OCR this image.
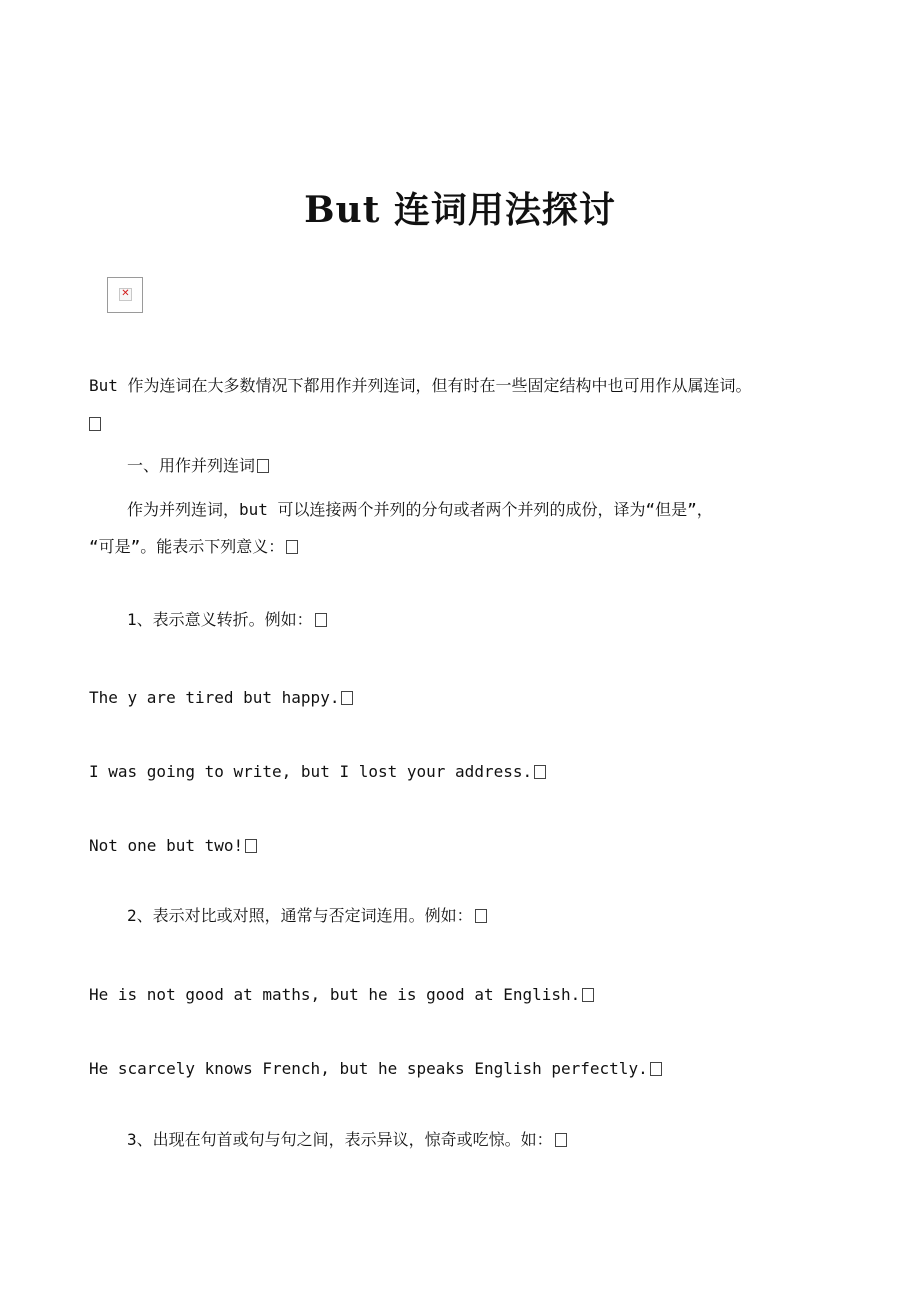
But 连词用法探讨
✕
But 作为连词在大多数情况下都用作并列连词，但有时在一些固定结构中也可用作从属连词。
一、用作并列连词
作为并列连词，but 可以连接两个并列的分句或者两个并列的成份，译为“但是”，
“可是”。能表示下列意义：
1、表示意义转折。例如：
The y are tired but happy.
I was going to write, but I lost your address.
Not one but two!
2、表示对比或对照，通常与否定词连用。例如：
He is not good at maths, but he is good at English.
He scarcely knows French, but he speaks English perfectly.
3、出现在句首或句与句之间，表示异议，惊奇或吃惊。如：
